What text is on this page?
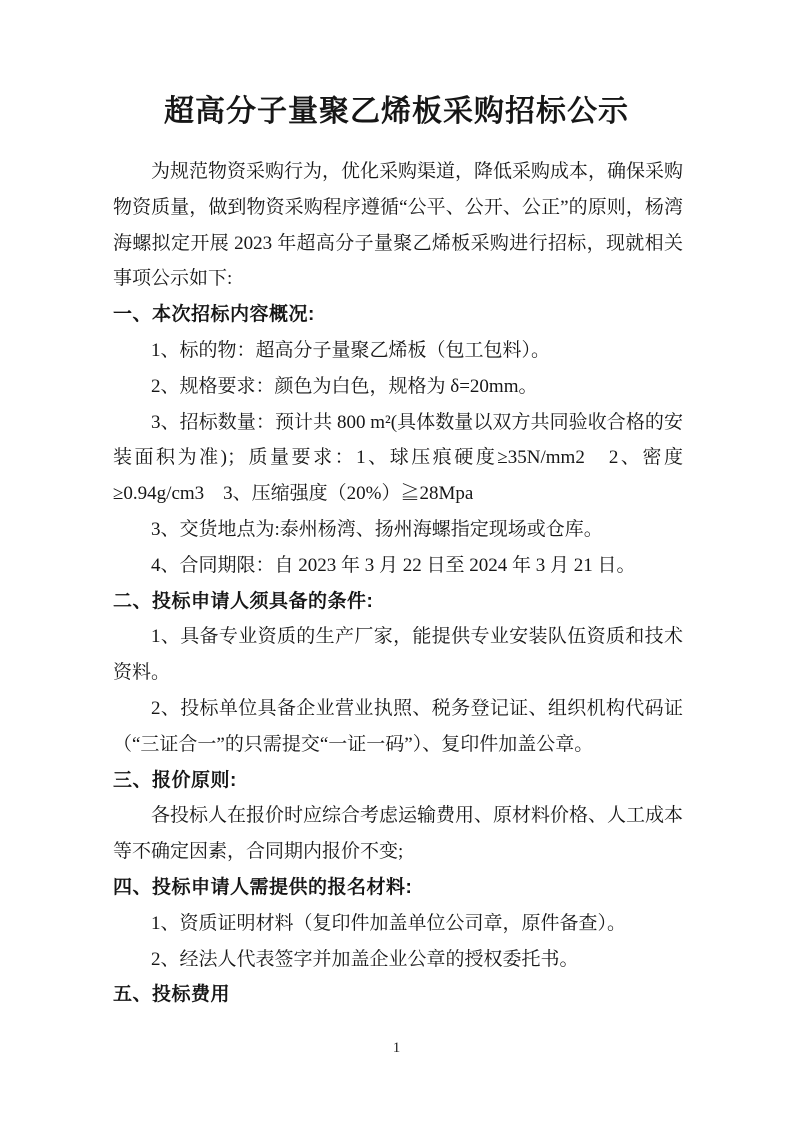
超高分子量聚乙烯板采购招标公示

为规范物资采购行为，优化采购渠道，降低采购成本，确保采购物资质量，做到物资采购程序遵循“公平、公开、公正”的原则，杨湾海螺拟定开展 2023 年超高分子量聚乙烯板采购进行招标，现就相关事项公示如下:

一、本次招标内容概况:

1、标的物：超高分子量聚乙烯板（包工包料）。

2、规格要求：颜色为白色，规格为 δ=20mm。

3、招标数量：预计共 800 m²(具体数量以双方共同验收合格的安装面积为准)；质量要求：1、球压痕硬度≥35N/mm2　2、密度≥0.94g/cm3　3、压缩强度（20%）≧28Mpa

3、交货地点为:泰州杨湾、扬州海螺指定现场或仓库。

4、合同期限：自 2023 年 3 月 22 日至 2024 年 3 月 21 日。

二、投标申请人须具备的条件:

1、具备专业资质的生产厂家，能提供专业安装队伍资质和技术资料。

2、投标单位具备企业营业执照、税务登记证、组织机构代码证（“三证合一”的只需提交“一证一码”）、复印件加盖公章。

三、报价原则:

各投标人在报价时应综合考虑运输费用、原材料价格、人工成本等不确定因素，合同期内报价不变;

四、投标申请人需提供的报名材料:

1、资质证明材料（复印件加盖单位公司章，原件备查）。

2、经法人代表签字并加盖企业公章的授权委托书。

五、投标费用
1
